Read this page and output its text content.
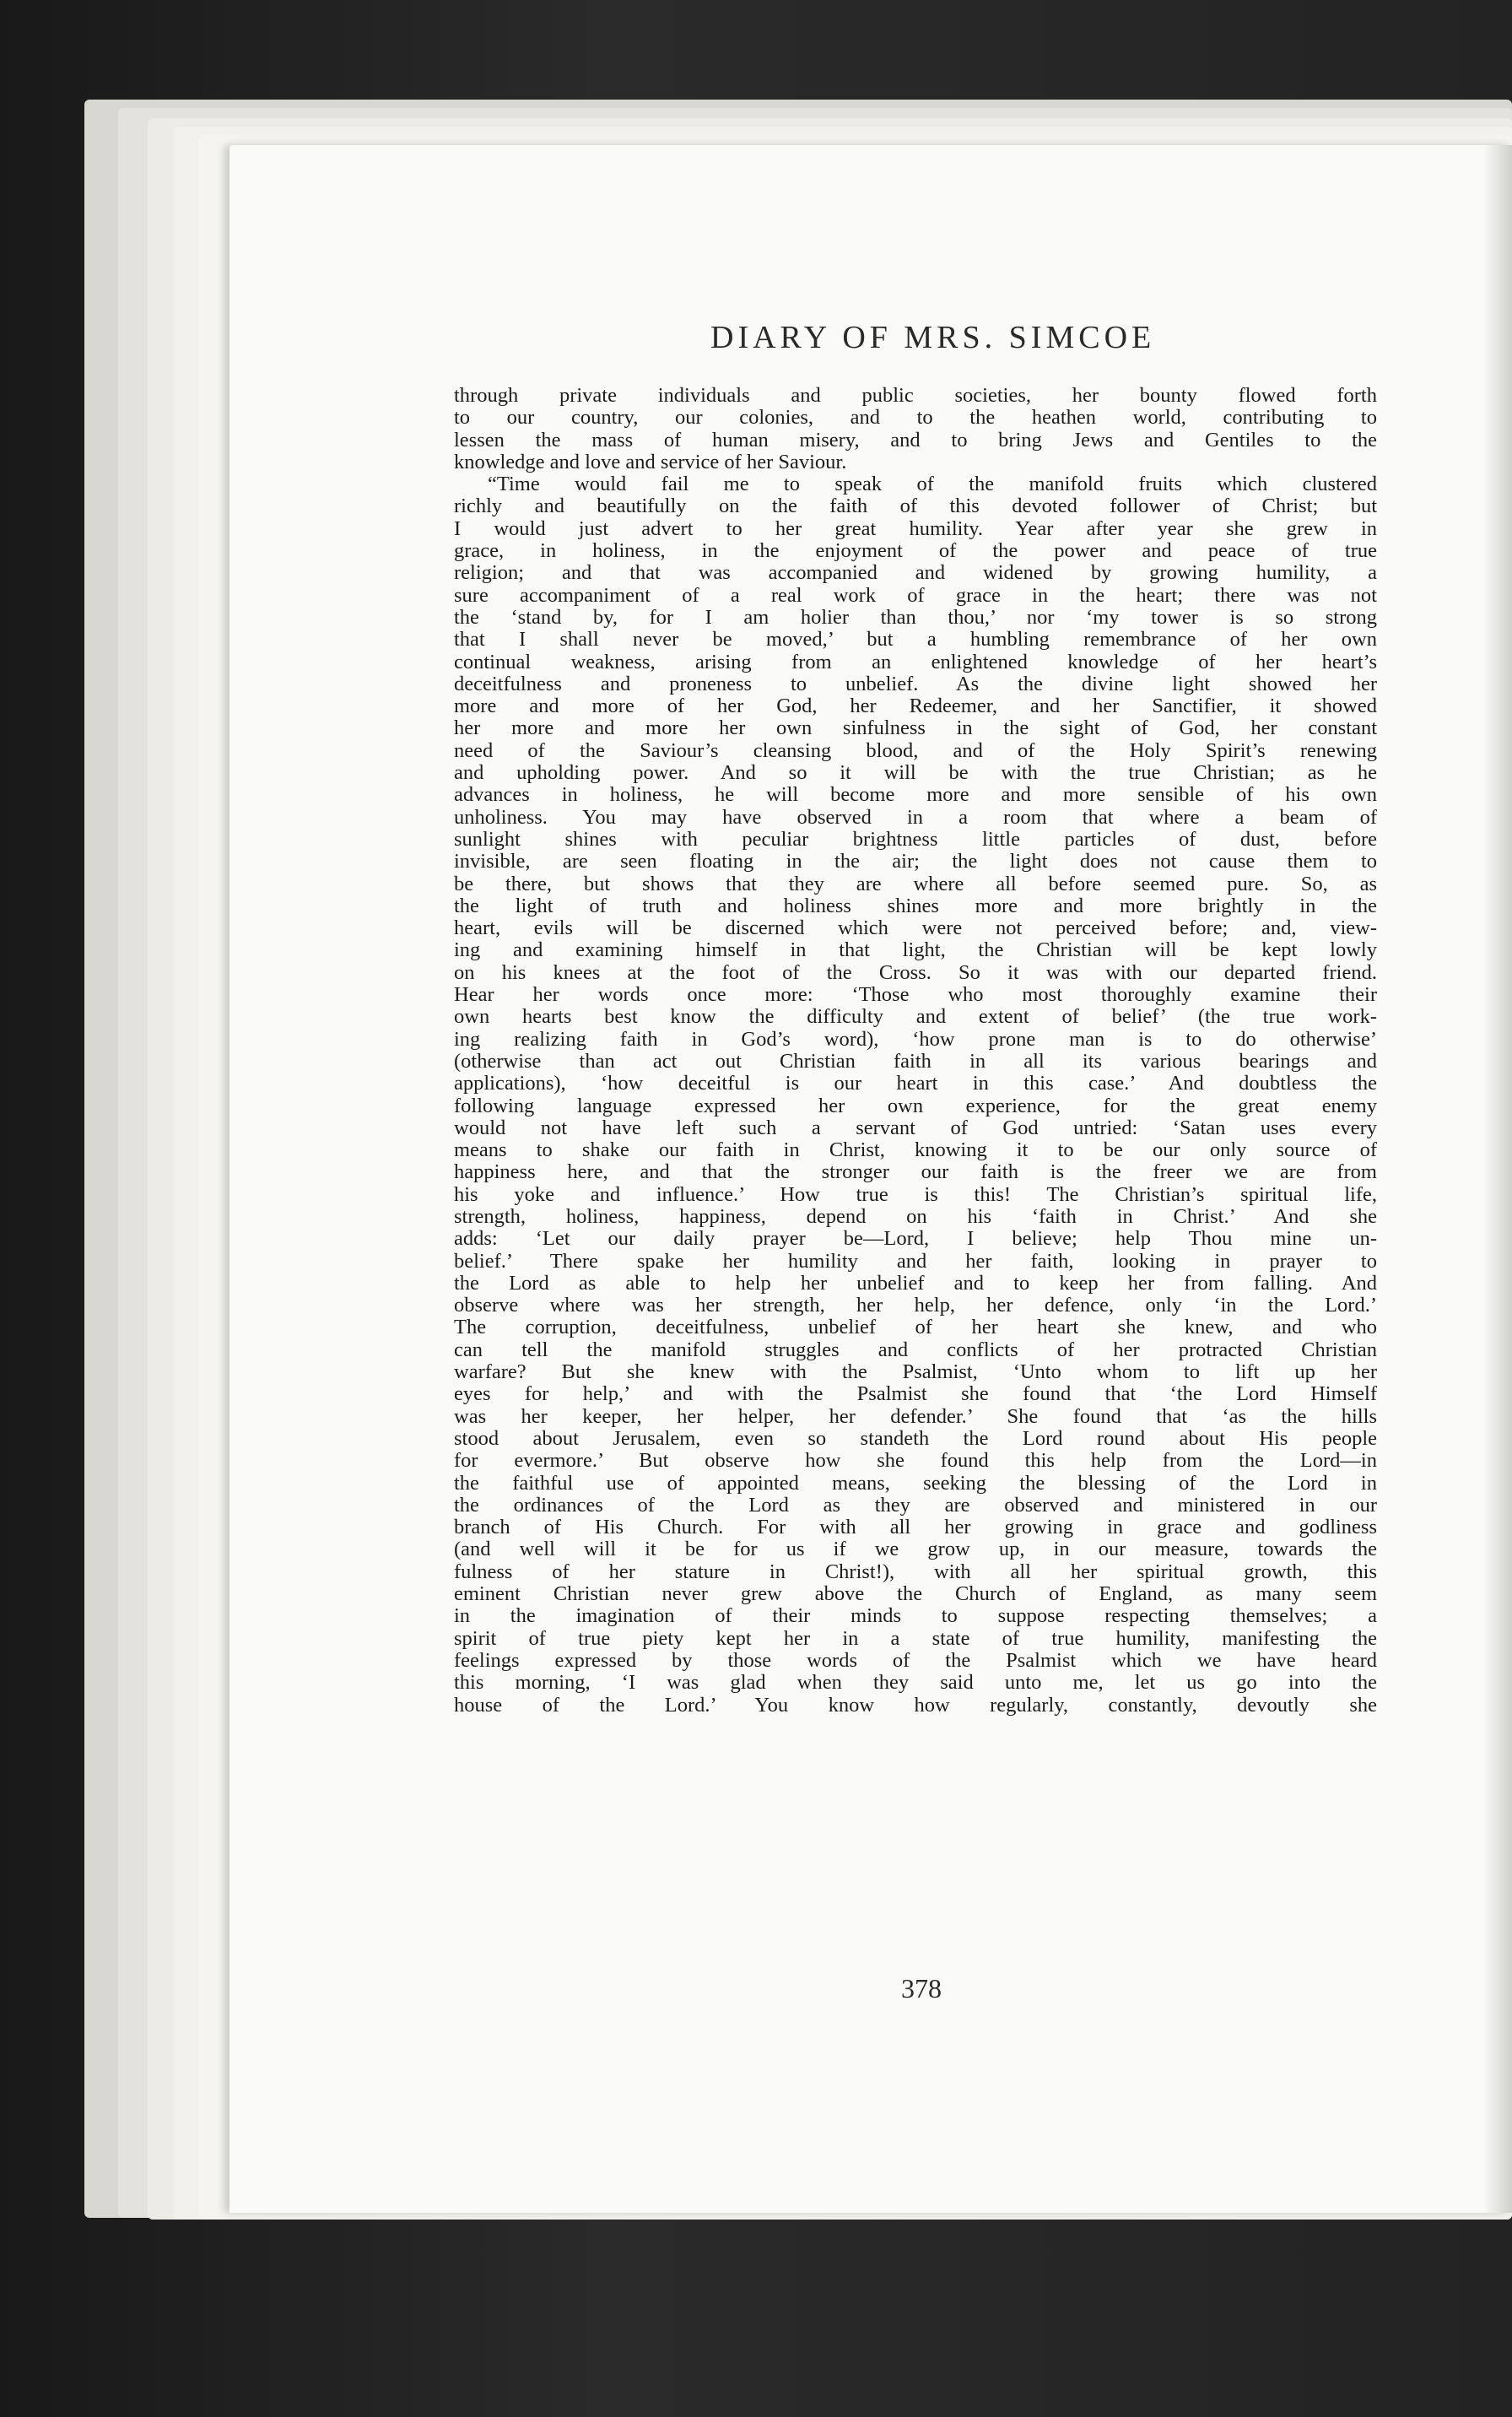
DIARY OF MRS. SIMCOE
through private individuals and public societies, her bounty flowed forth
to our country, our colonies, and to the heathen world, contributing to
lessen the mass of human misery, and to bring Jews and Gentiles to the
knowledge and love and service of her Saviour.
“Time would fail me to speak of the manifold fruits which clustered
richly and beautifully on the faith of this devoted follower of Christ; but
I would just advert to her great humility. Year after year she grew in
grace, in holiness, in the enjoyment of the power and peace of true
religion; and that was accompanied and widened by growing humility, a
sure accompaniment of a real work of grace in the heart; there was not
the ‘stand by, for I am holier than thou,’ nor ‘my tower is so strong
that I shall never be moved,’ but a humbling remembrance of her own
continual weakness, arising from an enlightened knowledge of her heart’s
deceitfulness and proneness to unbelief. As the divine light showed her
more and more of her God, her Redeemer, and her Sanctifier, it showed
her more and more her own sinfulness in the sight of God, her constant
need of the Saviour’s cleansing blood, and of the Holy Spirit’s renewing
and upholding power. And so it will be with the true Christian; as he
advances in holiness, he will become more and more sensible of his own
unholiness. You may have observed in a room that where a beam of
sunlight shines with peculiar brightness little particles of dust, before
invisible, are seen floating in the air; the light does not cause them to
be there, but shows that they are where all before seemed pure. So, as
the light of truth and holiness shines more and more brightly in the
heart, evils will be discerned which were not perceived before; and, view-
ing and examining himself in that light, the Christian will be kept lowly
on his knees at the foot of the Cross. So it was with our departed friend.
Hear her words once more: ‘Those who most thoroughly examine their
own hearts best know the difficulty and extent of belief’ (the true work-
ing realizing faith in God’s word), ‘how prone man is to do otherwise’
(otherwise than act out Christian faith in all its various bearings and
applications), ‘how deceitful is our heart in this case.’ And doubtless the
following language expressed her own experience, for the great enemy
would not have left such a servant of God untried: ‘Satan uses every
means to shake our faith in Christ, knowing it to be our only source of
happiness here, and that the stronger our faith is the freer we are from
his yoke and influence.’ How true is this! The Christian’s spiritual life,
strength, holiness, happiness, depend on his ‘faith in Christ.’ And she
adds: ‘Let our daily prayer be—Lord, I believe; help Thou mine un-
belief.’ There spake her humility and her faith, looking in prayer to
the Lord as able to help her unbelief and to keep her from falling. And
observe where was her strength, her help, her defence, only ‘in the Lord.’
The corruption, deceitfulness, unbelief of her heart she knew, and who
can tell the manifold struggles and conflicts of her protracted Christian
warfare? But she knew with the Psalmist, ‘Unto whom to lift up her
eyes for help,’ and with the Psalmist she found that ‘the Lord Himself
was her keeper, her helper, her defender.’ She found that ‘as the hills
stood about Jerusalem, even so standeth the Lord round about His people
for evermore.’ But observe how she found this help from the Lord—in
the faithful use of appointed means, seeking the blessing of the Lord in
the ordinances of the Lord as they are observed and ministered in our
branch of His Church. For with all her growing in grace and godliness
(and well will it be for us if we grow up, in our measure, towards the
fulness of her stature in Christ!), with all her spiritual growth, this
eminent Christian never grew above the Church of England, as many seem
in the imagination of their minds to suppose respecting themselves; a
spirit of true piety kept her in a state of true humility, manifesting the
feelings expressed by those words of the Psalmist which we have heard
this morning, ‘I was glad when they said unto me, let us go into the
house of the Lord.’ You know how regularly, constantly, devoutly she
378
